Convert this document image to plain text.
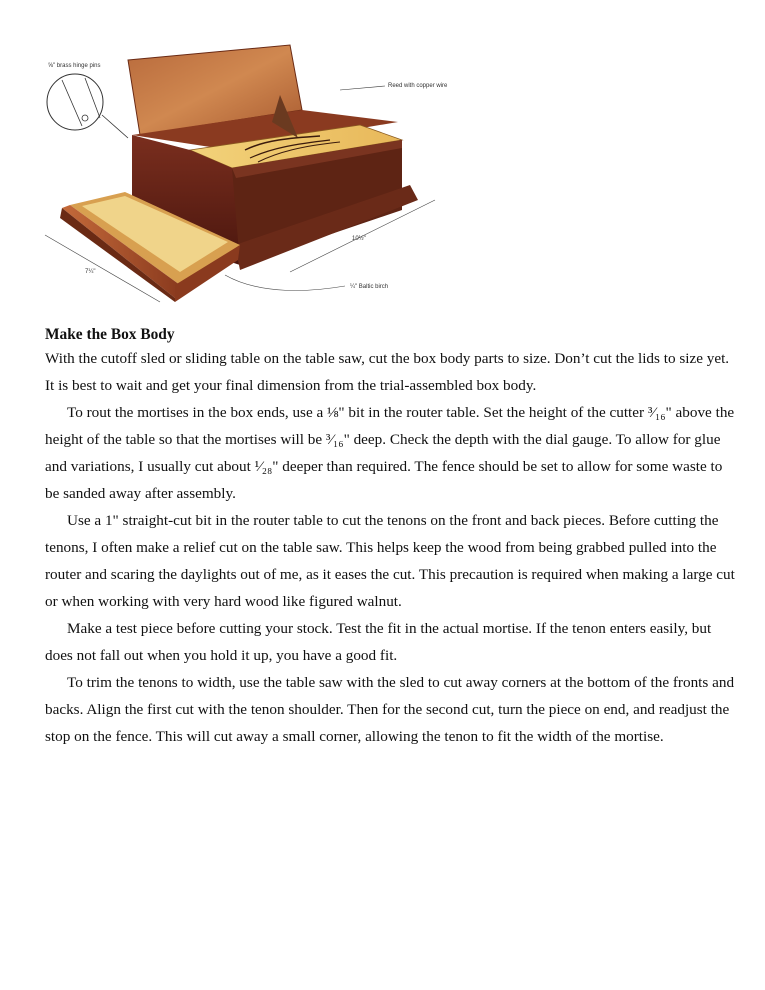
⅝" brass hinge pins
Reed with copper wire
10½"
7¼"
¼" Baltic birch

Make the Box Body

With the cutoff sled or sliding table on the table saw, cut the box body parts to size. Don’t cut the lids to size yet. It is best to wait and get your final dimension from the trial-assembled box body.

To rout the mortises in the box ends, use a ⅛" bit in the router table. Set the height of the cutter ³⁄₁₆" above the height of the table so that the mortises will be ³⁄₁₆" deep. Check the depth with the dial gauge. To allow for glue and variations, I usually cut about ¹⁄₂₈" deeper than required. The fence should be set to allow for some waste to be sanded away after assembly.

Use a 1" straight-cut bit in the router table to cut the tenons on the front and back pieces. Before cutting the tenons, I often make a relief cut on the table saw. This helps keep the wood from being grabbed pulled into the router and scaring the daylights out of me, as it eases the cut. This precaution is required when making a large cut or when working with very hard wood like figured walnut.

Make a test piece before cutting your stock. Test the fit in the actual mortise. If the tenon enters easily, but does not fall out when you hold it up, you have a good fit.

To trim the tenons to width, use the table saw with the sled to cut away corners at the bottom of the fronts and backs. Align the first cut with the tenon shoulder. Then for the second cut, turn the piece on end, and readjust the stop on the fence. This will cut away a small corner, allowing the tenon to fit the width of the mortise.
